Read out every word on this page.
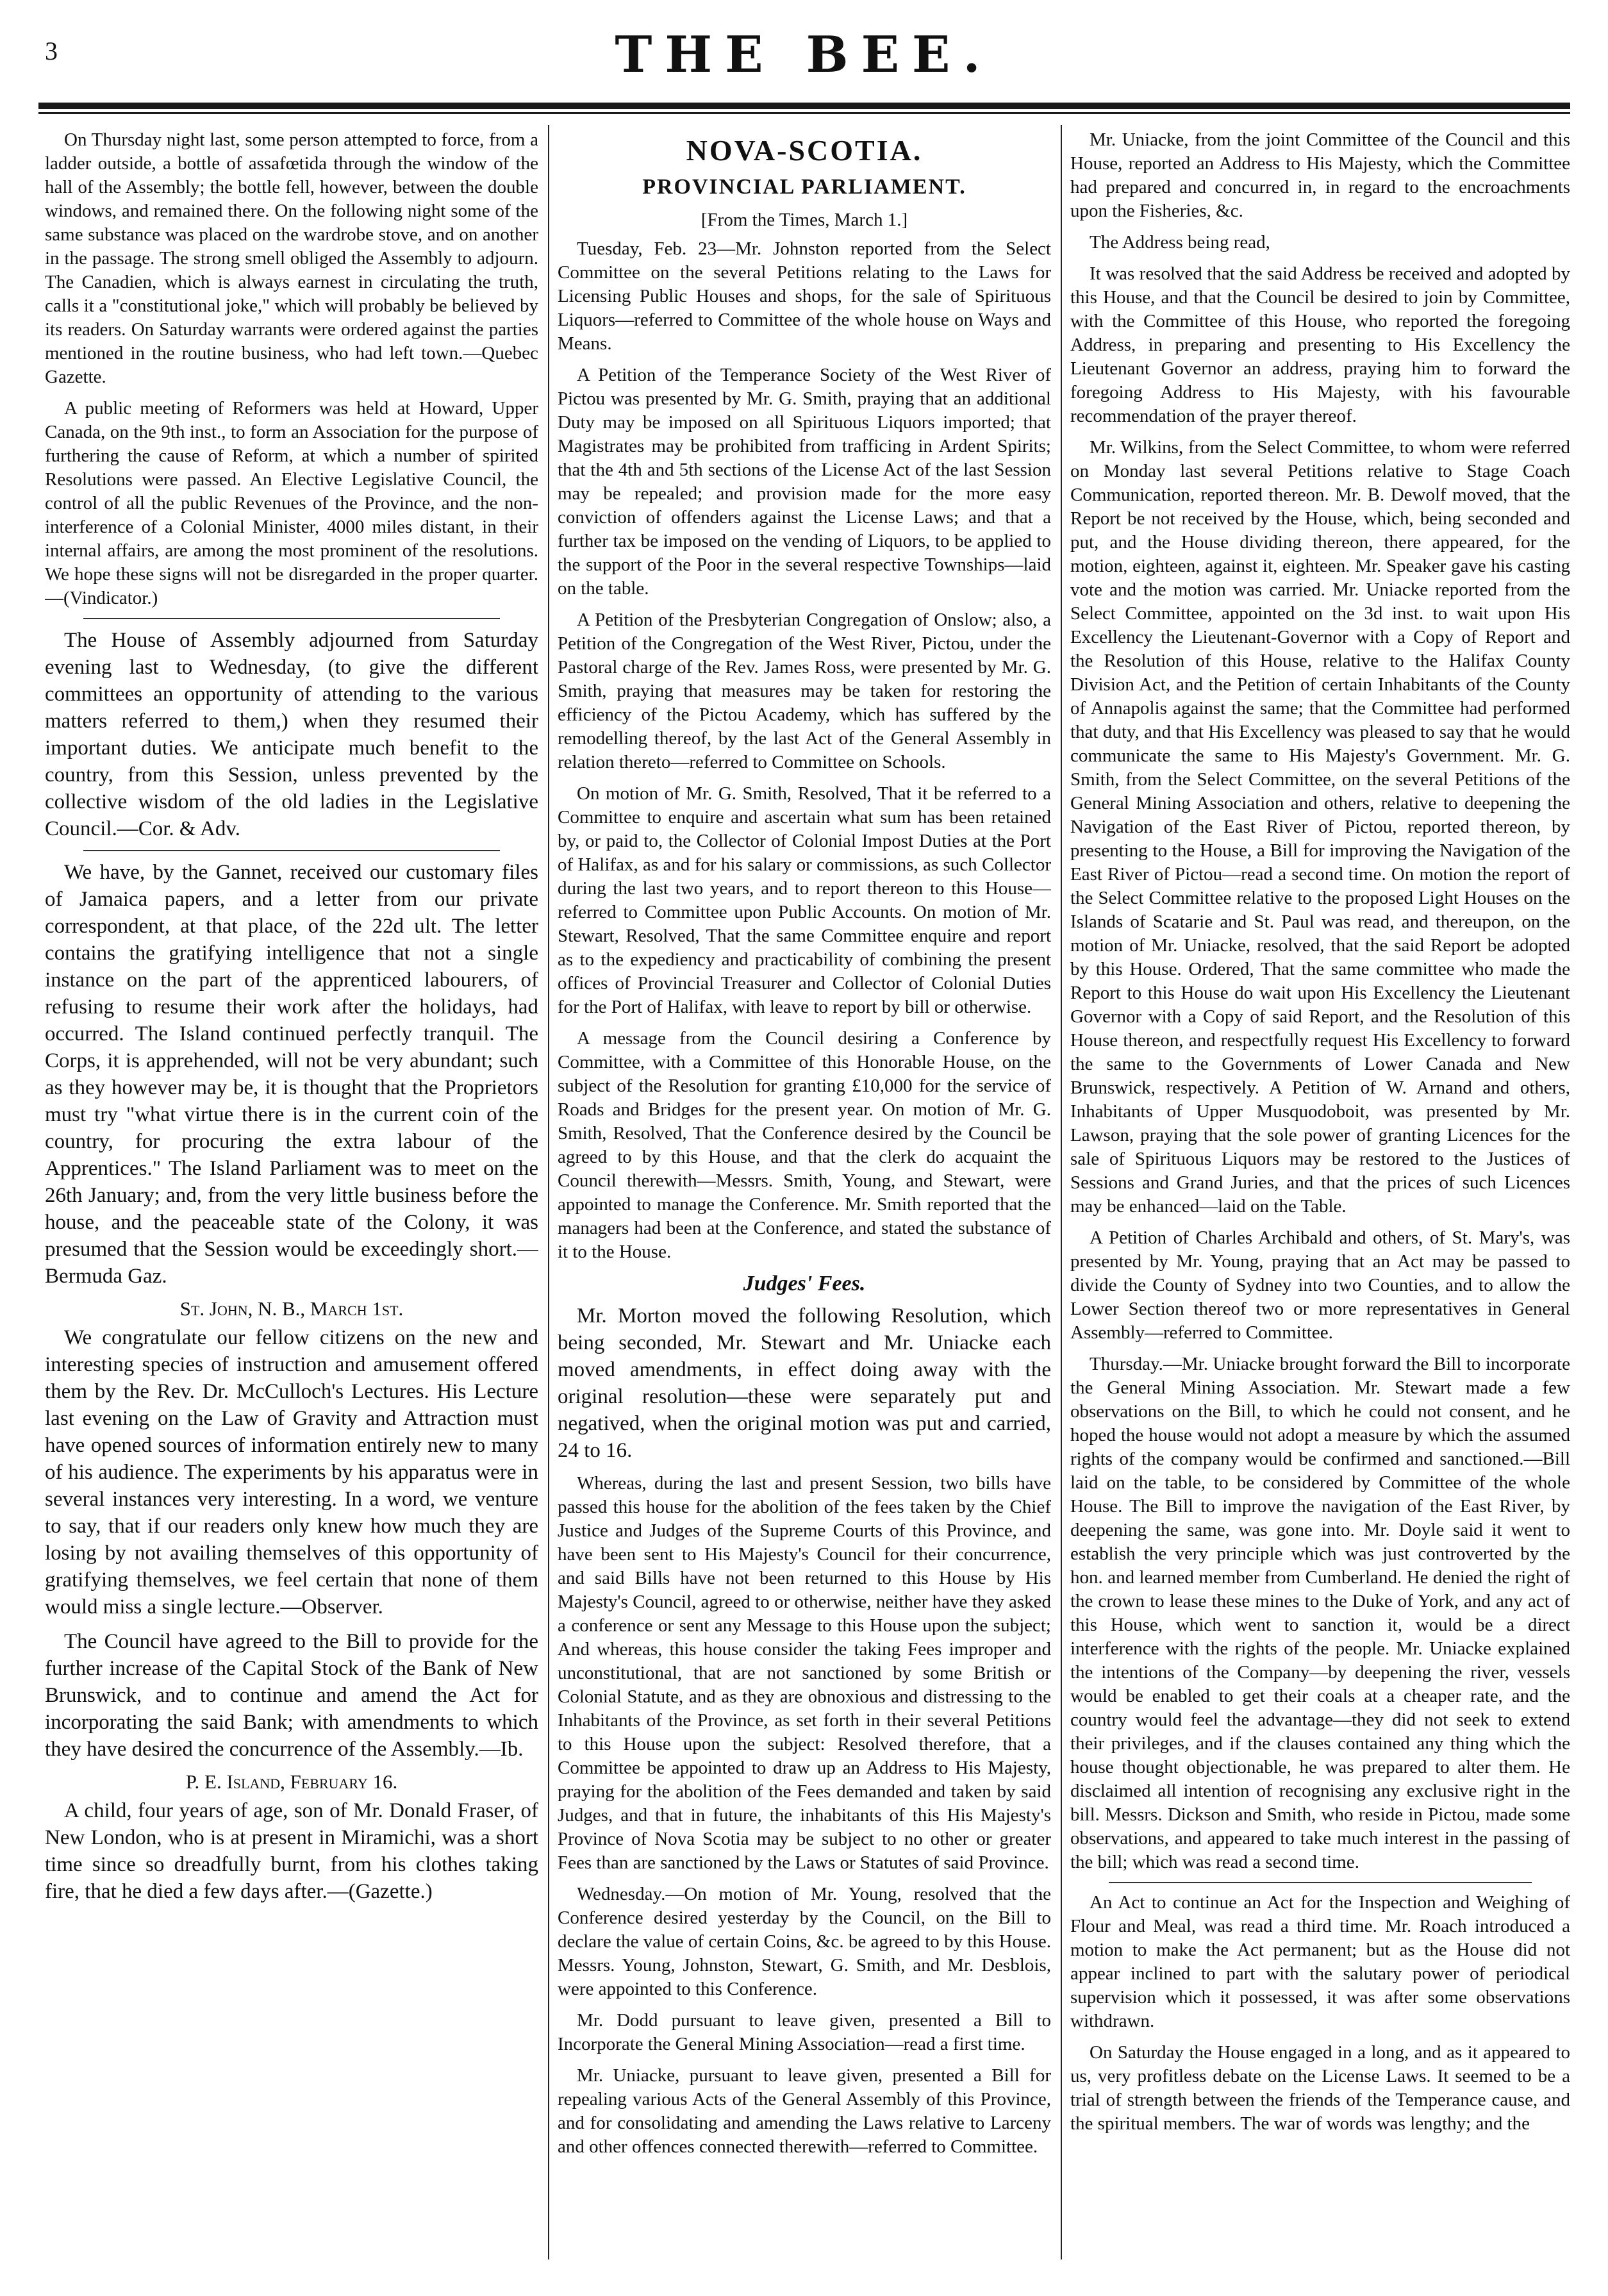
3	THE BEE.

On Thursday night last, some person attempted to force, from a ladder outside, a bottle of assafœtida through the window of the hall of the Assembly; the bottle fell, however, between the double windows, and remained there. On the following night some of the same substance was placed on the wardrobe stove, and on another in the passage. The strong smell obliged the Assembly to adjourn. The Canadien, which is always earnest in circulating the truth, calls it a "constitutional joke," which will probably be believed by its readers. On Saturday warrants were ordered against the parties mentioned in the routine business, who had left town.—Quebec Gazette.

A public meeting of Reformers was held at Howard, Upper Canada, on the 9th inst., to form an Association for the purpose of furthering the cause of Reform, at which a number of spirited Resolutions were passed. An Elective Legislative Council, the control of all the public Revenues of the Province, and the non-interference of a Colonial Minister, 4000 miles distant, in their internal affairs, are among the most prominent of the resolutions. We hope these signs will not be disregarded in the proper quarter.—(Vindicator.)

The House of Assembly adjourned from Saturday evening last to Wednesday, (to give the different committees an opportunity of attending to the various matters referred to them,) when they resumed their important duties. We anticipate much benefit to the country, from this Session, unless prevented by the collective wisdom of the old ladies in the Legislative Council.—Cor. & Adv.

We have, by the Gannet, received our customary files of Jamaica papers, and a letter from our private correspondent, at that place, of the 22d ult. The letter contains the gratifying intelligence that not a single instance on the part of the apprenticed labourers, of refusing to resume their work after the holidays, had occurred. The Island continued perfectly tranquil. The Corps, it is apprehended, will not be very abundant; such as they however may be, it is thought that the Proprietors must try "what virtue there is in the current coin of the country, for procuring the extra labour of the Apprentices." The Island Parliament was to meet on the 26th January; and, from the very little business before the house, and the peaceable state of the Colony, it was presumed that the Session would be exceedingly short.—Bermuda Gaz.

St. John, N. B., March 1st.

We congratulate our fellow citizens on the new and interesting species of instruction and amusement offered them by the Rev. Dr. McCulloch's Lectures. His Lecture last evening on the Law of Gravity and Attraction must have opened sources of information entirely new to many of his audience. The experiments by his apparatus were in several instances very interesting. In a word, we venture to say, that if our readers only knew how much they are losing by not availing themselves of this opportunity of gratifying themselves, we feel certain that none of them would miss a single lecture.—Observer.

The Council have agreed to the Bill to provide for the further increase of the Capital Stock of the Bank of New Brunswick, and to continue and amend the Act for incorporating the said Bank; with amendments to which they have desired the concurrence of the Assembly.—Ib.

P. E. Island, February 16.

A child, four years of age, son of Mr. Donald Fraser, of New London, who is at present in Miramichi, was a short time since so dreadfully burnt, from his clothes taking fire, that he died a few days after.—(Gazette.)

NOVA-SCOTIA.
PROVINCIAL PARLIAMENT.
[From the Times, March 1.]

Tuesday, Feb. 23—Mr. Johnston reported from the Select Committee on the several Petitions relating to the Laws for Licensing Public Houses and shops, for the sale of Spirituous Liquors—referred to Committee of the whole house on Ways and Means.

A Petition of the Temperance Society of the West River of Pictou was presented by Mr. G. Smith, praying that an additional Duty may be imposed on all Spirituous Liquors imported; that Magistrates may be prohibited from trafficing in Ardent Spirits; that the 4th and 5th sections of the License Act of the last Session may be repealed; and provision made for the more easy conviction of offenders against the License Laws; and that a further tax be imposed on the vending of Liquors, to be applied to the support of the Poor in the several respective Townships—laid on the table.

A Petition of the Presbyterian Congregation of Onslow; also, a Petition of the Congregation of the West River, Pictou, under the Pastoral charge of the Rev. James Ross, were presented by Mr. G. Smith, praying that measures may be taken for restoring the efficiency of the Pictou Academy, which has suffered by the remodelling thereof, by the last Act of the General Assembly in relation thereto—referred to Committee on Schools.

On motion of Mr. G. Smith, Resolved, That it be referred to a Committee to enquire and ascertain what sum has been retained by, or paid to, the Collector of Colonial Impost Duties at the Port of Halifax, as and for his salary or commissions, as such Collector during the last two years, and to report thereon to this House—referred to Committee upon Public Accounts. On motion of Mr. Stewart, Resolved, That the same Committee enquire and report as to the expediency and practicability of combining the present offices of Provincial Treasurer and Collector of Colonial Duties for the Port of Halifax, with leave to report by bill or otherwise.

A message from the Council desiring a Conference by Committee, with a Committee of this Honorable House, on the subject of the Resolution for granting £10,000 for the service of Roads and Bridges for the present year. On motion of Mr. G. Smith, Resolved, That the Conference desired by the Council be agreed to by this House, and that the clerk do acquaint the Council therewith—Messrs. Smith, Young, and Stewart, were appointed to manage the Conference. Mr. Smith reported that the managers had been at the Conference, and stated the substance of it to the House.

Judges' Fees.

Mr. Morton moved the following Resolution, which being seconded, Mr. Stewart and Mr. Uniacke each moved amendments, in effect doing away with the original resolution—these were separately put and negatived, when the original motion was put and carried, 24 to 16.

Whereas, during the last and present Session, two bills have passed this house for the abolition of the fees taken by the Chief Justice and Judges of the Supreme Courts of this Province, and have been sent to His Majesty's Council for their concurrence, and said Bills have not been returned to this House by His Majesty's Council, agreed to or otherwise, neither have they asked a conference or sent any Message to this House upon the subject; And whereas, this house consider the taking Fees improper and unconstitutional, that are not sanctioned by some British or Colonial Statute, and as they are obnoxious and distressing to the Inhabitants of the Province, as set forth in their several Petitions to this House upon the subject: Resolved therefore, that a Committee be appointed to draw up an Address to His Majesty, praying for the abolition of the Fees demanded and taken by said Judges, and that in future, the inhabitants of this His Majesty's Province of Nova Scotia may be subject to no other or greater Fees than are sanctioned by the Laws or Statutes of said Province.

Wednesday.—On motion of Mr. Young, resolved that the Conference desired yesterday by the Council, on the Bill to declare the value of certain Coins, &c. be agreed to by this House. Messrs. Young, Johnston, Stewart, G. Smith, and Mr. Desblois, were appointed to this Conference.

Mr. Dodd pursuant to leave given, presented a Bill to Incorporate the General Mining Association—read a first time.

Mr. Uniacke, pursuant to leave given, presented a Bill for repealing various Acts of the General Assembly of this Province, and for consolidating and amending the Laws relative to Larceny and other offences connected therewith—referred to Committee.

Mr. Uniacke, from the joint Committee of the Council and this House, reported an Address to His Majesty, which the Committee had prepared and concurred in, in regard to the encroachments upon the Fisheries, &c.

The Address being read,

It was resolved that the said Address be received and adopted by this House, and that the Council be desired to join by Committee, with the Committee of this House, who reported the foregoing Address, in preparing and presenting to His Excellency the Lieutenant Governor an address, praying him to forward the foregoing Address to His Majesty, with his favourable recommendation of the prayer thereof.

Mr. Wilkins, from the Select Committee, to whom were referred on Monday last several Petitions relative to Stage Coach Communication, reported thereon. Mr. B. Dewolf moved, that the Report be not received by the House, which, being seconded and put, and the House dividing thereon, there appeared, for the motion, eighteen, against it, eighteen. Mr. Speaker gave his casting vote and the motion was carried. Mr. Uniacke reported from the Select Committee, appointed on the 3d inst. to wait upon His Excellency the Lieutenant-Governor with a Copy of Report and the Resolution of this House, relative to the Halifax County Division Act, and the Petition of certain Inhabitants of the County of Annapolis against the same; that the Committee had performed that duty, and that His Excellency was pleased to say that he would communicate the same to His Majesty's Government. Mr. G. Smith, from the Select Committee, on the several Petitions of the General Mining Association and others, relative to deepening the Navigation of the East River of Pictou, reported thereon, by presenting to the House, a Bill for improving the Navigation of the East River of Pictou—read a second time. On motion the report of the Select Committee relative to the proposed Light Houses on the Islands of Scatarie and St. Paul was read, and thereupon, on the motion of Mr. Uniacke, resolved, that the said Report be adopted by this House. Ordered, That the same committee who made the Report to this House do wait upon His Excellency the Lieutenant Governor with a Copy of said Report, and the Resolution of this House thereon, and respectfully request His Excellency to forward the same to the Governments of Lower Canada and New Brunswick, respectively. A Petition of W. Arnand and others, Inhabitants of Upper Musquodoboit, was presented by Mr. Lawson, praying that the sole power of granting Licences for the sale of Spirituous Liquors may be restored to the Justices of Sessions and Grand Juries, and that the prices of such Licences may be enhanced—laid on the Table.

A Petition of Charles Archibald and others, of St. Mary's, was presented by Mr. Young, praying that an Act may be passed to divide the County of Sydney into two Counties, and to allow the Lower Section thereof two or more representatives in General Assembly—referred to Committee.

Thursday.—Mr. Uniacke brought forward the Bill to incorporate the General Mining Association. Mr. Stewart made a few observations on the Bill, to which he could not consent, and he hoped the house would not adopt a measure by which the assumed rights of the company would be confirmed and sanctioned.—Bill laid on the table, to be considered by Committee of the whole House. The Bill to improve the navigation of the East River, by deepening the same, was gone into. Mr. Doyle said it went to establish the very principle which was just controverted by the hon. and learned member from Cumberland. He denied the right of the crown to lease these mines to the Duke of York, and any act of this House, which went to sanction it, would be a direct interference with the rights of the people. Mr. Uniacke explained the intentions of the Company—by deepening the river, vessels would be enabled to get their coals at a cheaper rate, and the country would feel the advantage—they did not seek to extend their privileges, and if the clauses contained any thing which the house thought objectionable, he was prepared to alter them. He disclaimed all intention of recognising any exclusive right in the bill. Messrs. Dickson and Smith, who reside in Pictou, made some observations, and appeared to take much interest in the passing of the bill; which was read a second time.

An Act to continue an Act for the Inspection and Weighing of Flour and Meal, was read a third time. Mr. Roach introduced a motion to make the Act permanent; but as the House did not appear inclined to part with the salutary power of periodical supervision which it possessed, it was after some observations withdrawn.

On Saturday the House engaged in a long, and as it appeared to us, very profitless debate on the License Laws. It seemed to be a trial of strength between the friends of the Temperance cause, and the spiritual members. The war of words was lengthy; and the
